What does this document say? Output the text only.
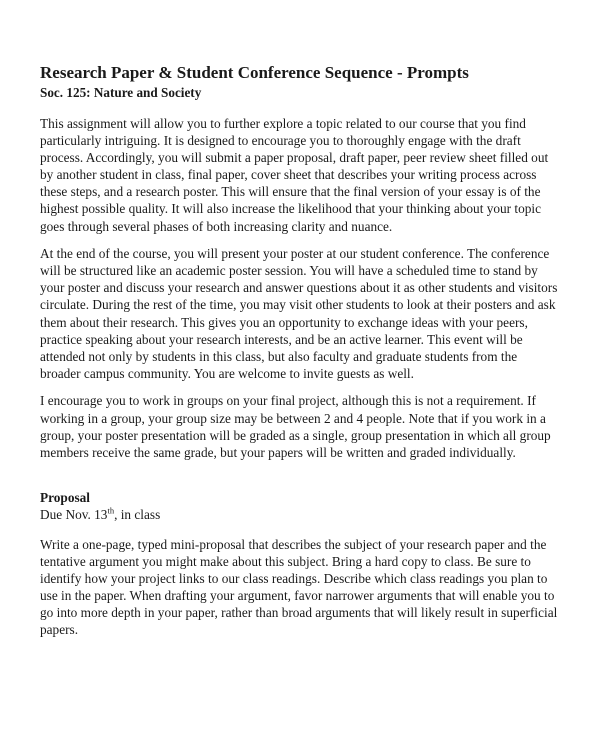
Research Paper & Student Conference Sequence - Prompts
Soc. 125: Nature and Society

This assignment will allow you to further explore a topic related to our course that you find
particularly intriguing. It is designed to encourage you to thoroughly engage with the draft
process. Accordingly, you will submit a paper proposal, draft paper, peer review sheet filled out
by another student in class, final paper, cover sheet that describes your writing process across
these steps, and a research poster. This will ensure that the final version of your essay is of the
highest possible quality. It will also increase the likelihood that your thinking about your topic
goes through several phases of both increasing clarity and nuance.

At the end of the course, you will present your poster at our student conference. The conference
will be structured like an academic poster session. You will have a scheduled time to stand by
your poster and discuss your research and answer questions about it as other students and visitors
circulate. During the rest of the time, you may visit other students to look at their posters and ask
them about their research. This gives you an opportunity to exchange ideas with your peers,
practice speaking about your research interests, and be an active learner. This event will be
attended not only by students in this class, but also faculty and graduate students from the
broader campus community. You are welcome to invite guests as well.

I encourage you to work in groups on your final project, although this is not a requirement. If
working in a group, your group size may be between 2 and 4 people. Note that if you work in a
group, your poster presentation will be graded as a single, group presentation in which all group
members receive the same grade, but your papers will be written and graded individually.

Proposal
Due Nov. 13th, in class

Write a one-page, typed mini-proposal that describes the subject of your research paper and the
tentative argument you might make about this subject. Bring a hard copy to class. Be sure to
identify how your project links to our class readings. Describe which class readings you plan to
use in the paper. When drafting your argument, favor narrower arguments that will enable you to
go into more depth in your paper, rather than broad arguments that will likely result in superficial
papers.
